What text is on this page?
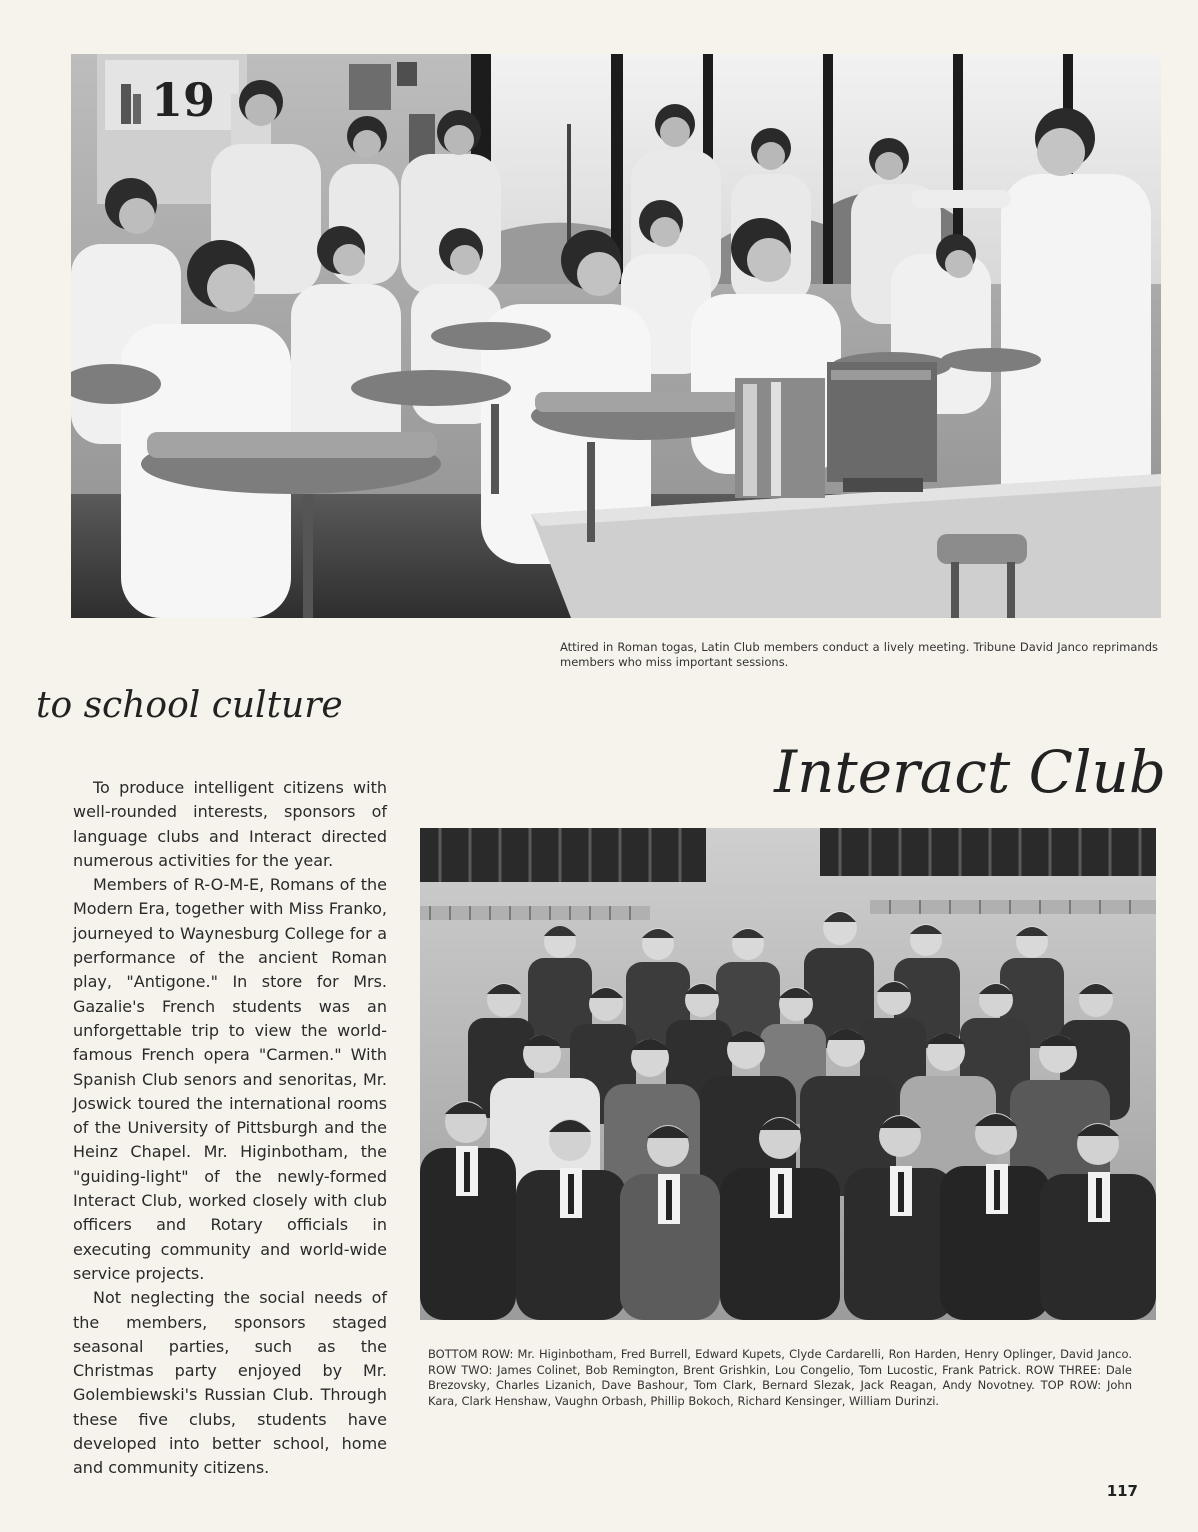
19
Attired in Roman togas, Latin Club members conduct a lively meeting. Tribune David Janco reprimands members who miss important sessions.
to school culture
Interact Club

To produce intelligent citizens with well-rounded interests, sponsors of language clubs and Interact directed numerous activities for the year.

Members of R-O-M-E, Romans of the Modern Era, together with Miss Franko, journeyed to Waynesburg College for a performance of the ancient Roman play, "Antigone." In store for Mrs. Gazalie's French students was an unforgettable trip to view the world-famous French opera "Carmen." With Spanish Club senors and senoritas, Mr. Joswick toured the international rooms of the University of Pittsburgh and the Heinz Chapel. Mr. Higinbotham, the "guiding-light" of the newly-formed Interact Club, worked closely with club officers and Rotary officials in executing community and world-wide service projects.

Not neglecting the social needs of the members, sponsors staged seasonal parties, such as the Christmas party enjoyed by Mr. Golembiewski's Russian Club. Through these five clubs, students have developed into better school, home and community citizens.

BOTTOM ROW: Mr. Higinbotham, Fred Burrell, Edward Kupets, Clyde Cardarelli, Ron Harden, Henry Oplinger, David Janco. ROW TWO: James Colinet, Bob Remington, Brent Grishkin, Lou Congelio, Tom Lucostic, Frank Patrick. ROW THREE: Dale Brezovsky, Charles Lizanich, Dave Bashour, Tom Clark, Bernard Slezak, Jack Reagan, Andy Novotney. TOP ROW: John Kara, Clark Henshaw, Vaughn Orbash, Phillip Bokoch, Richard Kensinger, William Durinzi.
117
